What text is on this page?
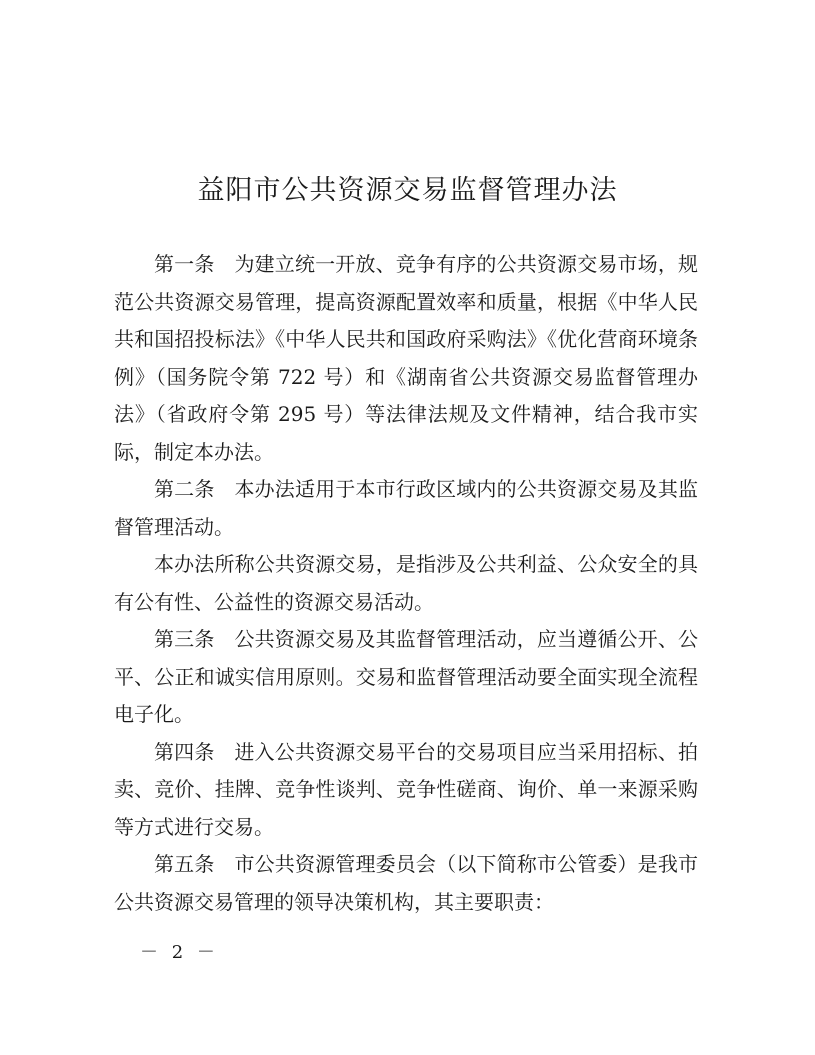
益阳市公共资源交易监督管理办法

第一条 为建立统一开放、竞争有序的公共资源交易市场，规范公共资源交易管理，提高资源配置效率和质量，根据《中华人民共和国招投标法》《中华人民共和国政府采购法》《优化营商环境条例》（国务院令第 722 号）和《湖南省公共资源交易监督管理办法》（省政府令第 295 号）等法律法规及文件精神，结合我市实际，制定本办法。

第二条 本办法适用于本市行政区域内的公共资源交易及其监督管理活动。

本办法所称公共资源交易，是指涉及公共利益、公众安全的具有公有性、公益性的资源交易活动。

第三条 公共资源交易及其监督管理活动，应当遵循公开、公平、公正和诚实信用原则。交易和监督管理活动要全面实现全流程电子化。

第四条 进入公共资源交易平台的交易项目应当采用招标、拍卖、竞价、挂牌、竞争性谈判、竞争性磋商、询价、单一来源采购等方式进行交易。

第五条 市公共资源管理委员会（以下简称市公管委）是我市公共资源交易管理的领导决策机构，其主要职责：

－ 2 －
